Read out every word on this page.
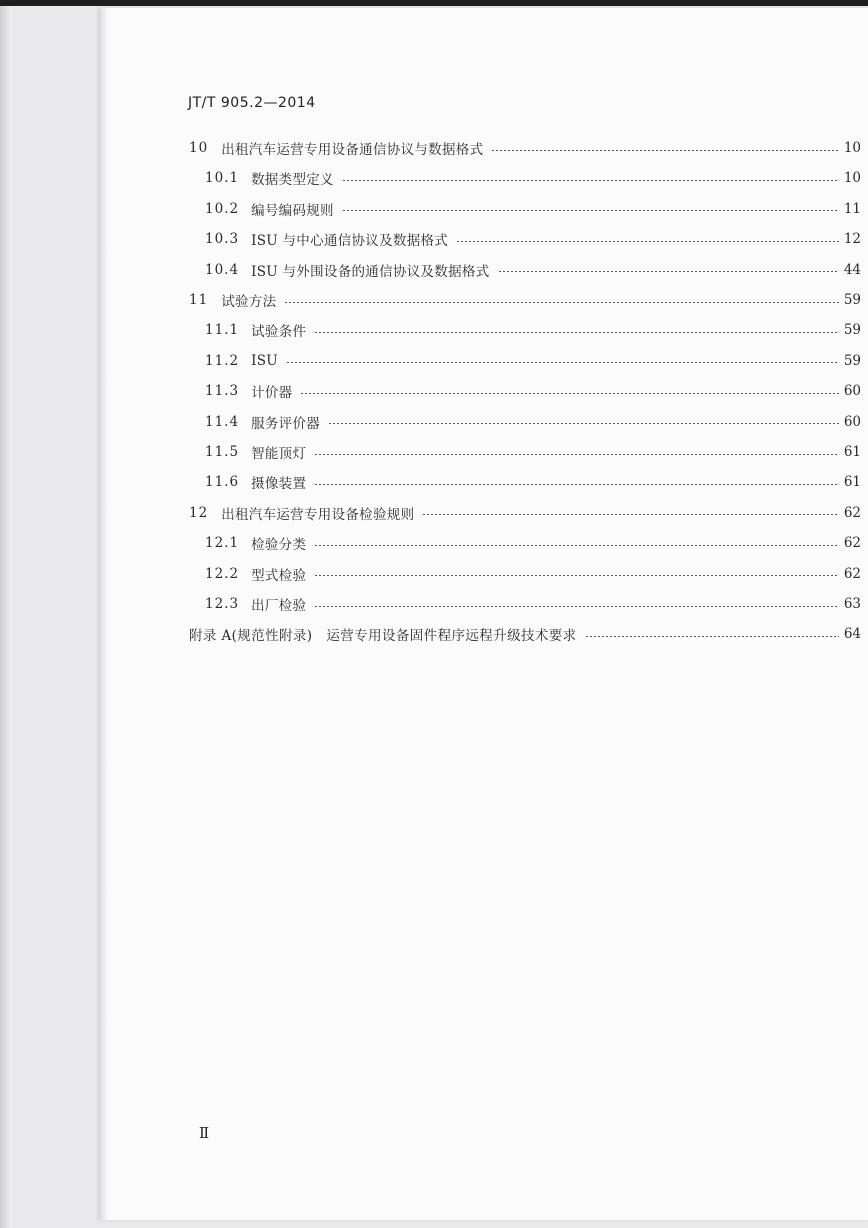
JT/T 905.2—2014
10 出租汽车运营专用设备通信协议与数据格式	10
10.1 数据类型定义	10
10.2 编号编码规则	11
10.3 ISU 与中心通信协议及数据格式	12
10.4 ISU 与外围设备的通信协议及数据格式	44
11 试验方法	59
11.1 试验条件	59
11.2 ISU	59
11.3 计价器	60
11.4 服务评价器	60
11.5 智能顶灯	61
11.6 摄像装置	61
12 出租汽车运营专用设备检验规则	62
12.1 检验分类	62
12.2 型式检验	62
12.3 出厂检验	63
附录 A(规范性附录)　运营专用设备固件程序远程升级技术要求	64
Ⅱ
